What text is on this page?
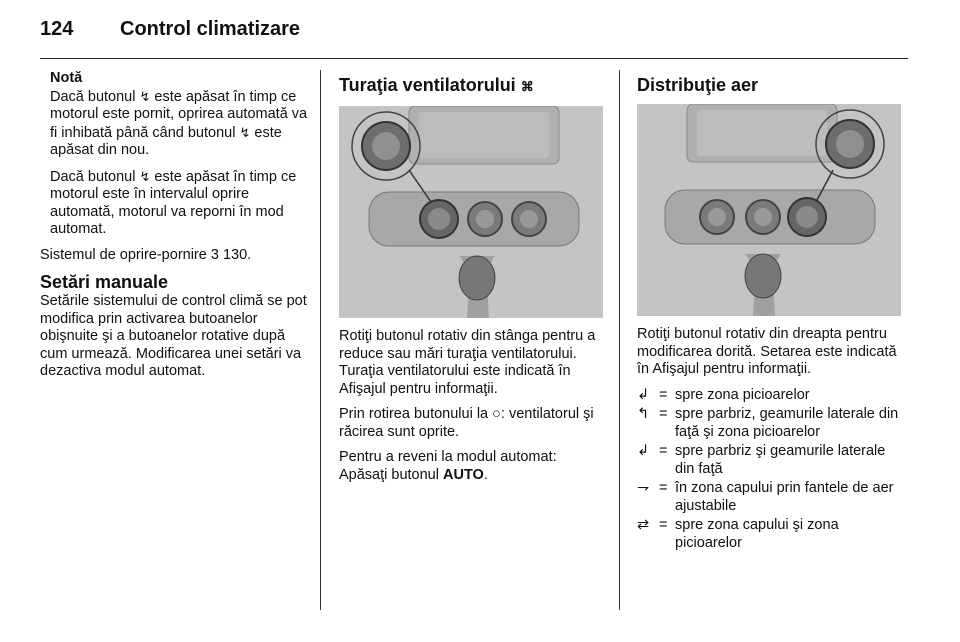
124 Control climatizare
Notă
Dacă butonul ↯ este apăsat în timp ce motorul este pornit, oprirea automată va fi inhibată până când butonul ↯ este apăsat din nou.
Dacă butonul ↯ este apăsat în timp ce motorul este în intervalul oprire automată, motorul va reporni în mod automat.
Sistemul de oprire-pornire 3 130.
Setări manuale
Setările sistemului de control climă se pot modifica prin activarea butoanelor obişnuite şi a butoanelor rotative după cum urmează. Modificarea unei setări va dezactiva modul automat.
Turaţia ventilatorului ⌘
Rotiţi butonul rotativ din stânga pentru a reduce sau mări turaţia ventilatorului. Turaţia ventilatorului este indicată în Afişajul pentru informaţii.
Prin rotirea butonului la ○: ventilatorul şi răcirea sunt oprite.
Pentru a reveni la modul automat: Apăsaţi butonul AUTO.
Distribuţie aer
Rotiţi butonul rotativ din dreapta pentru modificarea dorită. Setarea este indicată în Afişajul pentru informaţii.
↲	=	spre zona picioarelor
↰	=	spre parbriz, geamurile laterale din faţă şi zona picioarelor
↲	=	spre parbriz şi geamurile laterale din faţă
⇁	=	în zona capului prin fantele de aer ajustabile
⇄	=	spre zona capului şi zona picioarelor
